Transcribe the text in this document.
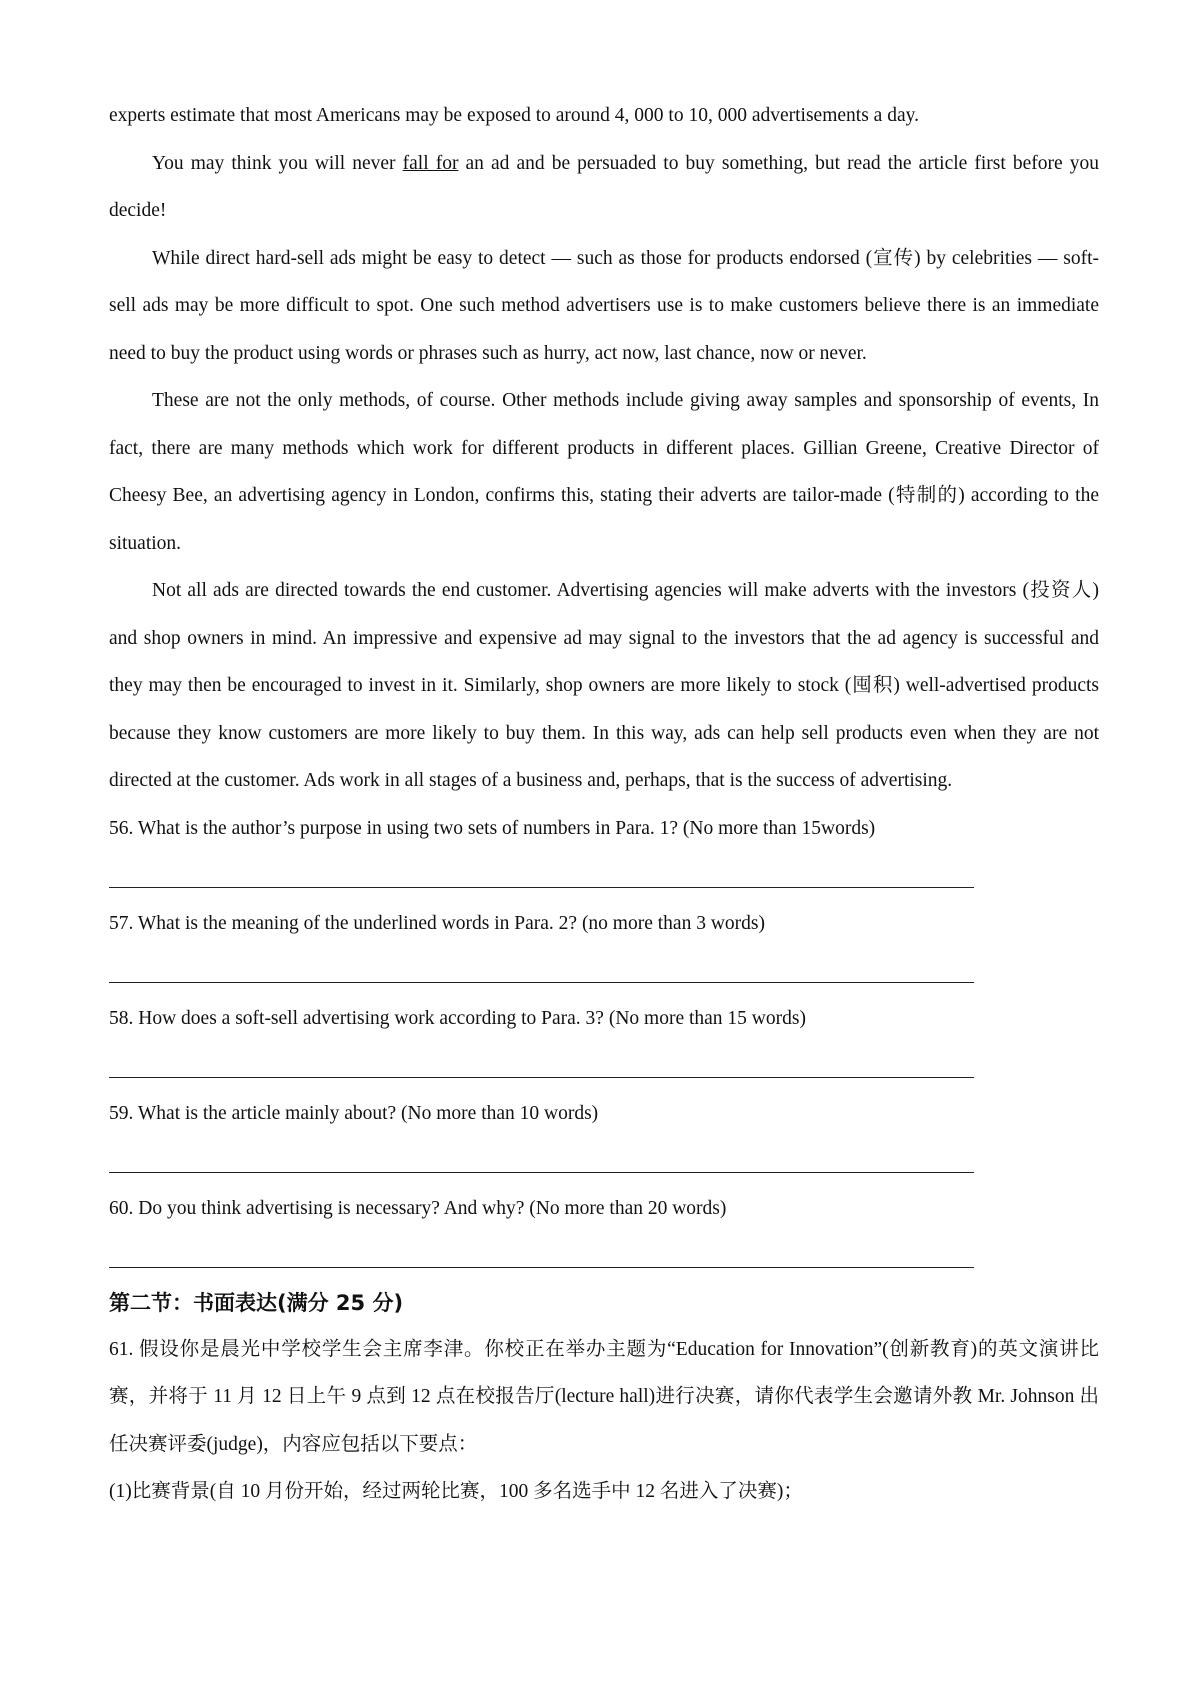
experts estimate that most Americans may be exposed to around 4, 000 to 10, 000 advertisements a day.

You may think you will never fall for an ad and be persuaded to buy something, but read the article first before you decide!

While direct hard-sell ads might be easy to detect — such as those for products endorsed (宣传) by celebrities — soft-sell ads may be more difficult to spot. One such method advertisers use is to make customers believe there is an immediate need to buy the product using words or phrases such as hurry, act now, last chance, now or never.

These are not the only methods, of course. Other methods include giving away samples and sponsorship of events, In fact, there are many methods which work for different products in different places. Gillian Greene, Creative Director of Cheesy Bee, an advertising agency in London, confirms this, stating their adverts are tailor-made (特制的) according to the situation.

Not all ads are directed towards the end customer. Advertising agencies will make adverts with the investors (投资人) and shop owners in mind. An impressive and expensive ad may signal to the investors that the ad agency is successful and they may then be encouraged to invest in it. Similarly, shop owners are more likely to stock (囤积) well-advertised products because they know customers are more likely to buy them. In this way, ads can help sell products even when they are not directed at the customer. Ads work in all stages of a business and, perhaps, that is the success of advertising.

56. What is the author’s purpose in using two sets of numbers in Para. 1? (No more than 15words)

57. What is the meaning of the underlined words in Para. 2? (no more than 3 words)

58. How does a soft-sell advertising work according to Para. 3? (No more than 15 words)

59. What is the article mainly about? (No more than 10 words)

60. Do you think advertising is necessary? And why? (No more than 20 words)

第二节：书面表达(满分 25 分)

61. 假设你是晨光中学校学生会主席李津。你校正在举办主题为“Education for Innovation”(创新教育)的英文演讲比赛，并将于 11 月 12 日上午 9 点到 12 点在校报告厅(lecture hall)进行决赛，请你代表学生会邀请外教 Mr. Johnson 出任决赛评委(judge)，内容应包括以下要点：

(1)比赛背景(自 10 月份开始，经过两轮比赛，100 多名选手中 12 名进入了决赛)；
